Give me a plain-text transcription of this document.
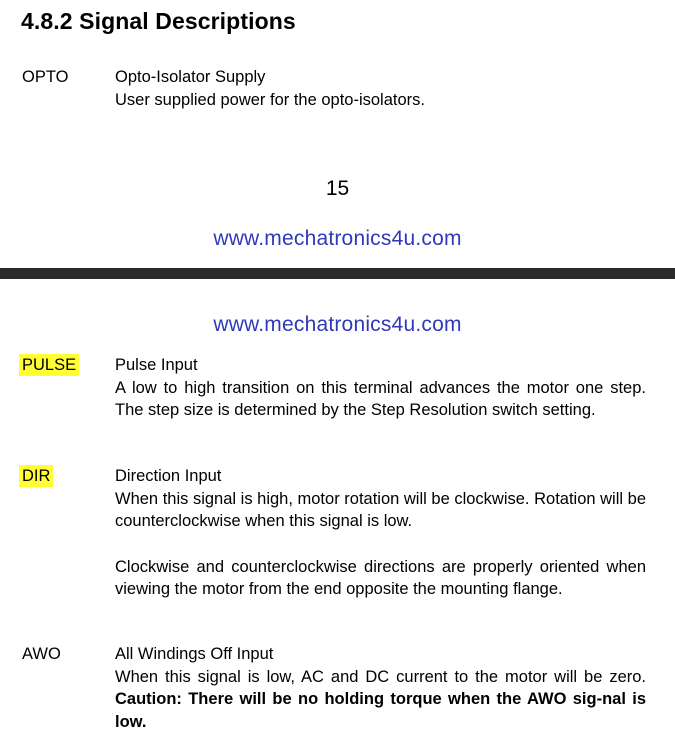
4.8.2 Signal Descriptions
OPTO	Opto-Isolator Supply
User supplied power for the opto-isolators.
15
www.mechatronics4u.com
www.mechatronics4u.com
PULSE Pulse Input
A low to high transition on this terminal advances the motor one step. The step size is determined by the Step Resolution switch setting.
DIR	Direction Input
When this signal is high, motor rotation will be clockwise. Rotation will be counterclockwise when this signal is low.
Clockwise and counterclockwise directions are properly oriented when viewing the motor from the end opposite the mounting flange.
AWO	All Windings Off Input
When this signal is low, AC and DC current to the motor will be zero. Caution: There will be no holding torque when the AWO sig-nal is low.
